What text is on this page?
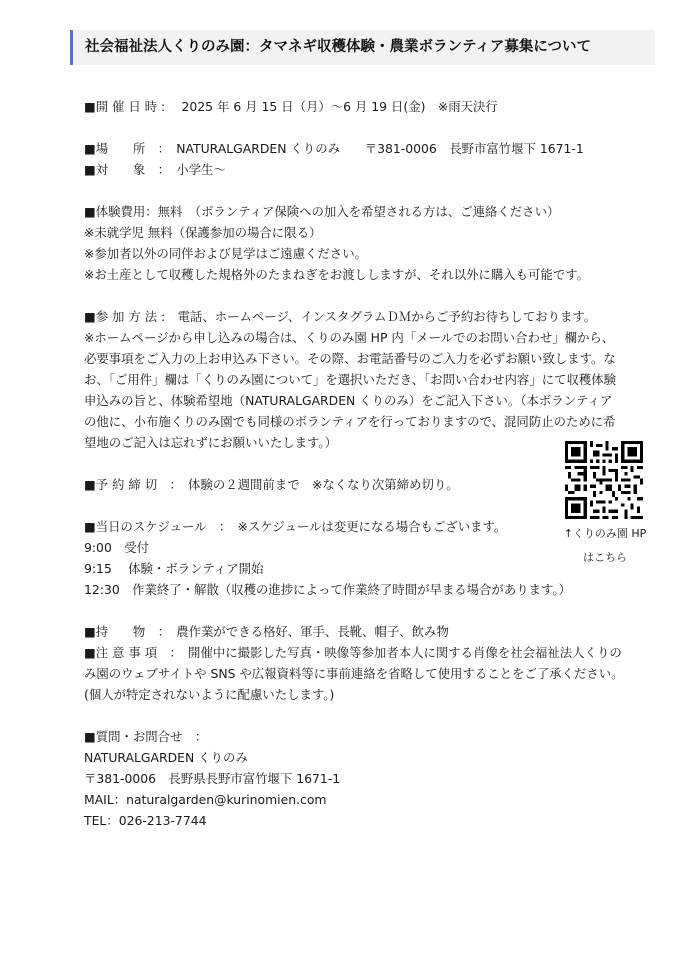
社会福祉法人くりのみ園：タマネギ収穫体験・農業ボランティア募集について
■開 催 日 時 :　 2025 年 6 月 15 日（月）～6 月 19 日(金)　※雨天決行
■場　　所　：　NATURALGARDEN くりのみ　　〒381-0006　長野市富竹堰下 1671-1
■対　　象　：　小学生～
■体験費用：無料　（ボランティア保険への加入を希望される方は、ご連絡ください）
※未就学児 無料（保護参加の場合に限る）
※参加者以外の同伴および見学はご遠慮ください。
※お土産として収穫した規格外のたまねぎをお渡ししますが、それ以外に購入も可能です。
■参 加 方 法 :　電話、ホームページ、インスタグラムＤＭからご予約お待ちしております。
※ホームページから申し込みの場合は、くりのみ園 HP 内「メールでのお問い合わせ」欄から、必要事項をご入力の上お申込み下さい。その際、お電話番号のご入力を必ずお願い致します。なお、「ご用件」欄は「くりのみ園について」を選択いただき、「お問い合わせ内容」にて収穫体験申込みの旨と、体験希望地（NATURALGARDEN くりのみ）をご記入下さい。（本ボランティアの他に、小布施くりのみ園でも同様のボランティアを行っておりますので、混同防止のために希望地のご記入は忘れずにお願いいたします。）
■予 約 締 切　：　体験の２週間前まで　※なくなり次第締め切り。
■当日のスケジュール　：　※スケジュールは変更になる場合もございます。
9:00　受付
9:15　 体験・ボランティア開始
12:30　作業終了・解散（収穫の進捗によって作業終了時間が早まる場合があります。）
■持　　物　：　農作業ができる格好、軍手、長靴、帽子、飲み物
■注 意 事 項　：　開催中に撮影した写真・映像等参加者本人に関する肖像を社会福祉法人くりのみ園のウェブサイトや SNS や広報資料等に事前連絡を省略して使用することをご了承ください。
(個人が特定されないように配慮いたします。)
■質問・お問合せ　：
NATURALGARDEN くりのみ
〒381-0006　長野県長野市富竹堰下 1671-1
MAIL：naturalgarden@kurinomien.com
TEL：026-213-7744
↑くりのみ園 HP
はこちら
